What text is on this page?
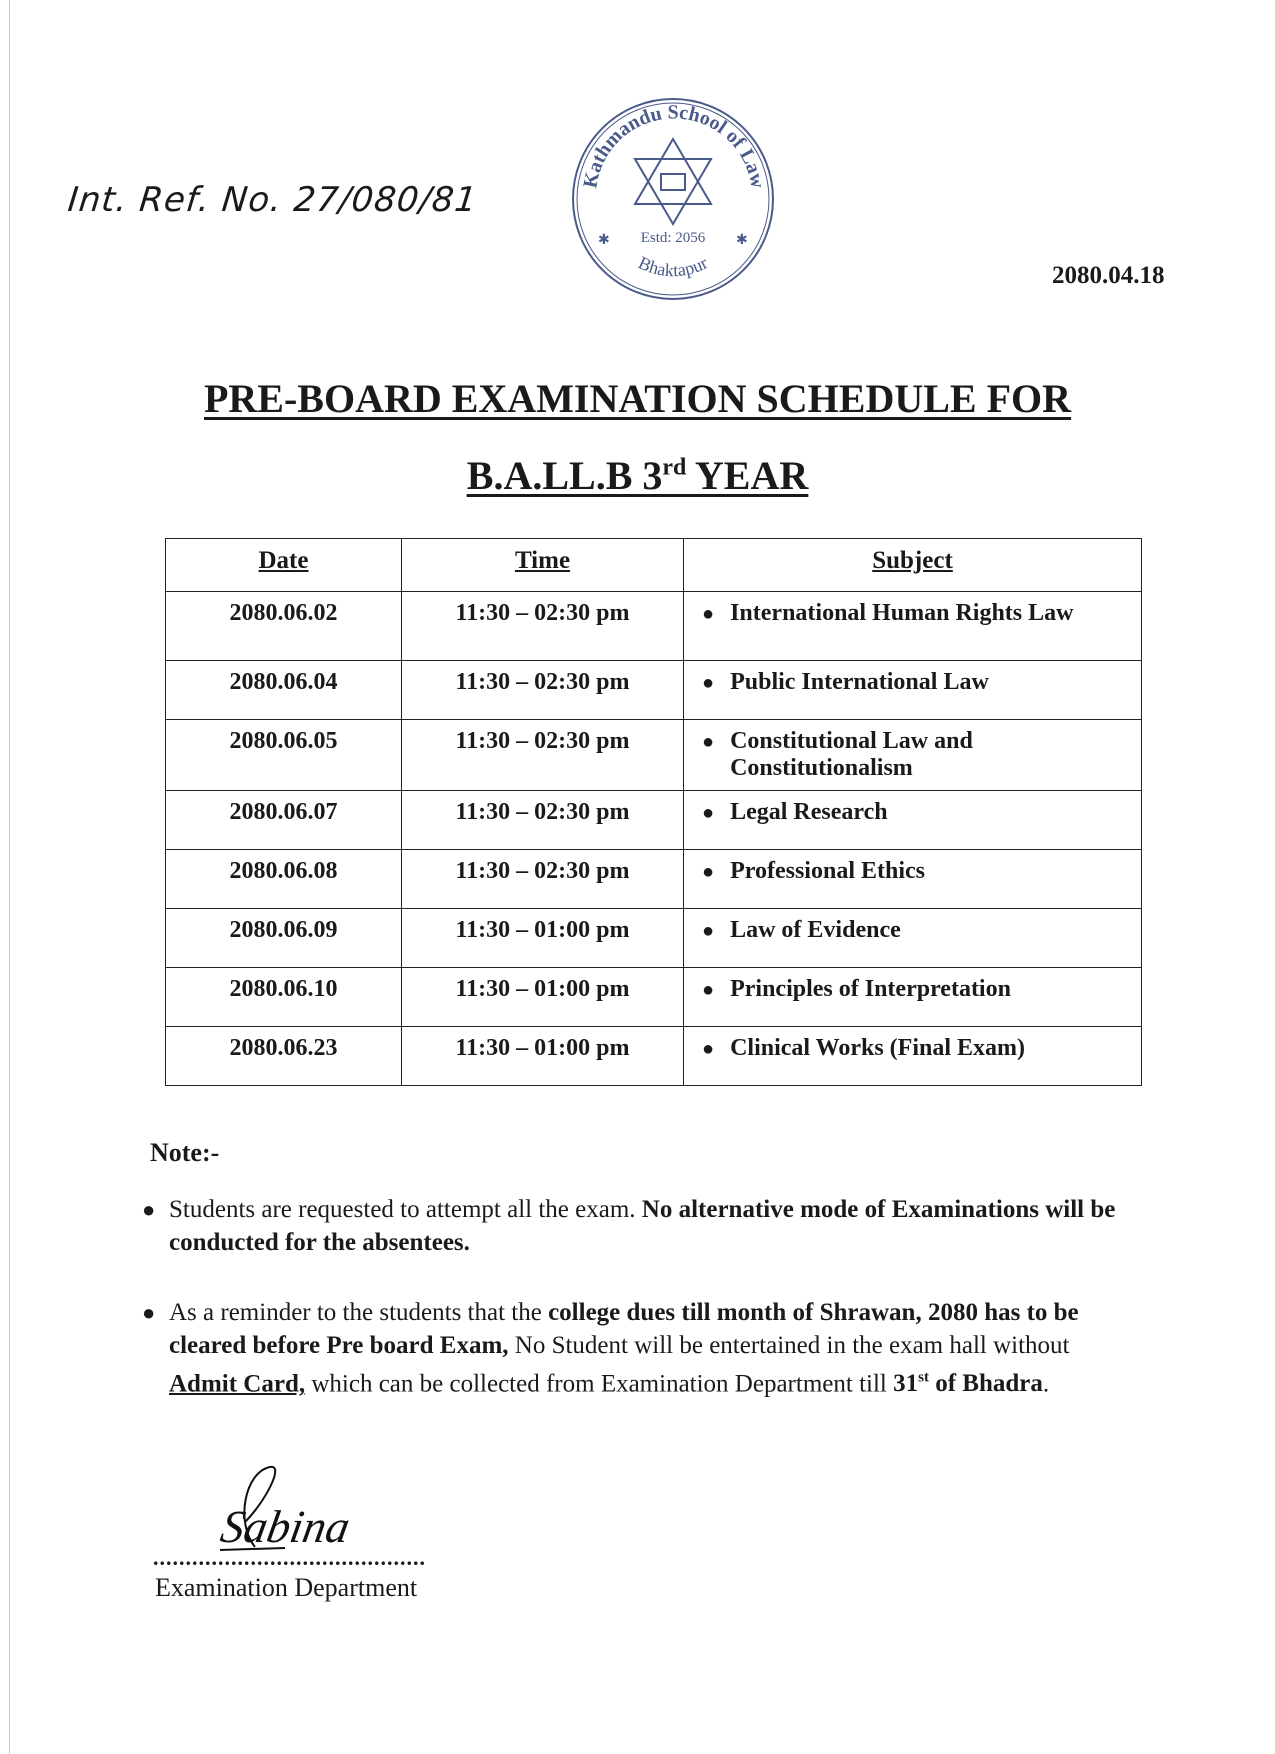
Int. Ref. No. 27/080/81	Kathmandu School of Law
Estd: 2056
Bhaktapur
✱	✱
2080.04.18
PRE-BOARD EXAMINATION SCHEDULE FOR
B.A.LL.B 3rd YEAR
Date	Time	Subject
2080.06.02	11:30 – 02:30 pm	● International Human Rights Law

2080.06.04	11:30 – 02:30 pm	● Public International Law

2080.06.05	11:30 – 02:30 pm	● Constitutional Law and Constitutionalism

2080.06.07	11:30 – 02:30 pm	● Legal Research

2080.06.08	11:30 – 02:30 pm	● Professional Ethics

2080.06.09	11:30 – 01:00 pm	● Law of Evidence

2080.06.10	11:30 – 01:00 pm	● Principles of Interpretation

2080.06.23	11:30 – 01:00 pm	● Clinical Works (Final Exam)
Note:-
● Students are requested to attempt all the exam. No alternative mode of Examinations will be conducted for the absentees.
● As a reminder to the students that the college dues till month of Shrawan, 2080 has to be cleared before Pre board Exam, No Student will be entertained in the exam hall without Admit Card, which can be collected from Examination Department till 31st of Bhadra.
Sabina
..........................................
Examination Department
